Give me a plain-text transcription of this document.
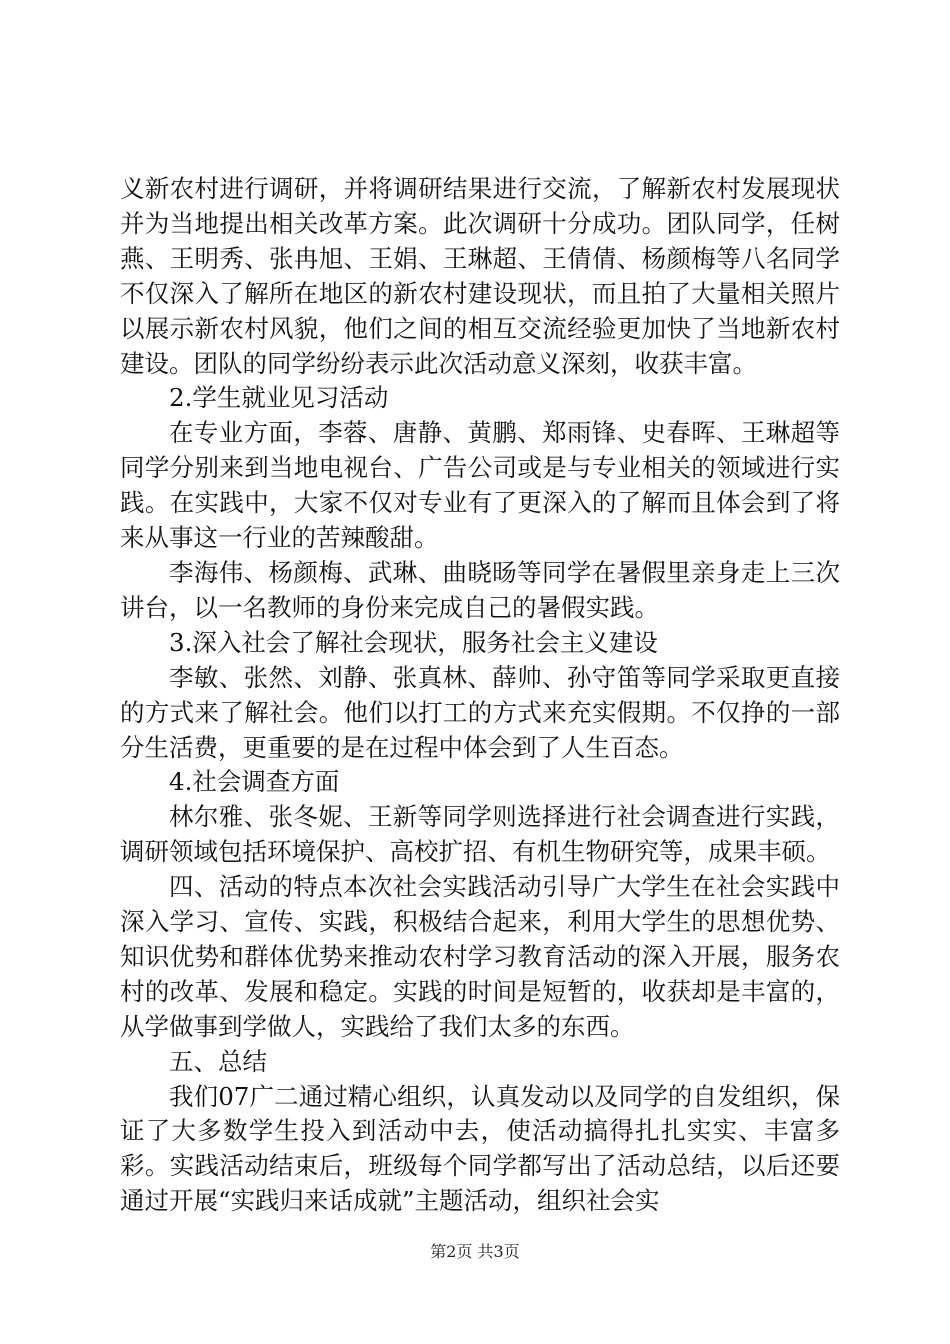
义新农村进行调研，并将调研结果进行交流，了解新农村发展现状并为当地提出相关改革方案。此次调研十分成功。团队同学，任树燕、王明秀、张冉旭、王娟、王琳超、王倩倩、杨颜梅等八名同学不仅深入了解所在地区的新农村建设现状，而且拍了大量相关照片以展示新农村风貌，他们之间的相互交流经验更加快了当地新农村建设。团队的同学纷纷表示此次活动意义深刻，收获丰富。

2.学生就业见习活动

在专业方面，李蓉、唐静、黄鹏、郑雨锋、史春晖、王琳超等同学分别来到当地电视台、广告公司或是与专业相关的领域进行实践。在实践中，大家不仅对专业有了更深入的了解而且体会到了将来从事这一行业的苦辣酸甜。

李海伟、杨颜梅、武琳、曲晓旸等同学在暑假里亲身走上三次讲台，以一名教师的身份来完成自己的暑假实践。

3.深入社会了解社会现状，服务社会主义建设

李敏、张然、刘静、张真林、薛帅、孙守笛等同学采取更直接的方式来了解社会。他们以打工的方式来充实假期。不仅挣的一部分生活费，更重要的是在过程中体会到了人生百态。

4.社会调查方面

林尔雅、张冬妮、王新等同学则选择进行社会调查进行实践，调研领域包括环境保护、高校扩招、有机生物研究等，成果丰硕。

四、活动的特点本次社会实践活动引导广大学生在社会实践中深入学习、宣传、实践，积极结合起来，利用大学生的思想优势、知识优势和群体优势来推动农村学习教育活动的深入开展，服务农村的改革、发展和稳定。实践的时间是短暂的，收获却是丰富的，从学做事到学做人，实践给了我们太多的东西。

五、总结

我们07广二通过精心组织，认真发动以及同学的自发组织，保证了大多数学生投入到活动中去，使活动搞得扎扎实实、丰富多彩。实践活动结束后，班级每个同学都写出了活动总结，以后还要通过开展“实践归来话成就”主题活动，组织社会实

第2页 共3页
